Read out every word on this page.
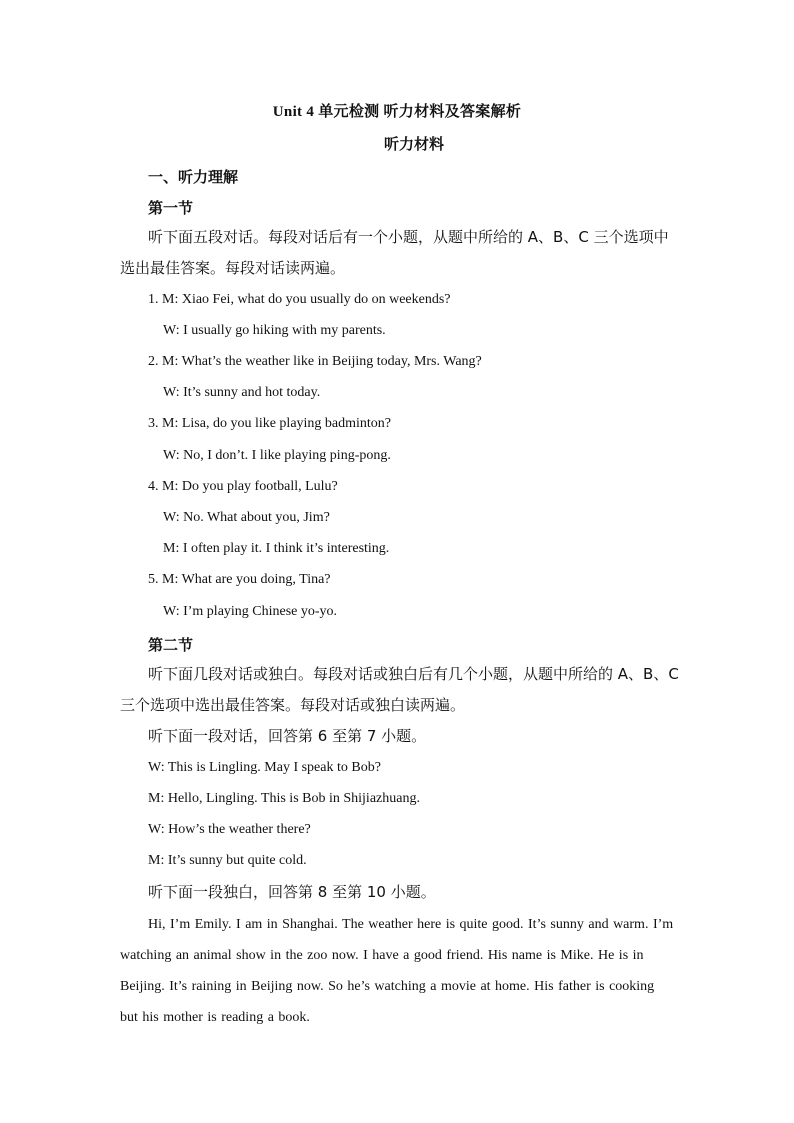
Unit 4 单元检测 听力材料及答案解析
听力材料
一、听力理解
第一节
听下面五段对话。每段对话后有一个小题，从题中所给的 A、B、C 三个选项中选出最佳答案。每段对话读两遍。
1. M: Xiao Fei, what do you usually do on weekends?
W: I usually go hiking with my parents.
2. M: What’s the weather like in Beijing today, Mrs. Wang?
W: It’s sunny and hot today.
3. M: Lisa, do you like playing badminton?
W: No, I don’t. I like playing ping-pong.
4. M: Do you play football, Lulu?
W: No. What about you, Jim?
M: I often play it. I think it’s interesting.
5. M: What are you doing, Tina?
W: I’m playing Chinese yo-yo.
第二节
听下面几段对话或独白。每段对话或独白后有几个小题，从题中所给的 A、B、C 三个选项中选出最佳答案。每段对话或独白读两遍。
听下面一段对话，回答第 6 至第 7 小题。
W: This is Lingling. May I speak to Bob?
M: Hello, Lingling. This is Bob in Shijiazhuang.
W: How’s the weather there?
M: It’s sunny but quite cold.
听下面一段独白，回答第 8 至第 10 小题。
Hi, I’m Emily. I am in Shanghai. The weather here is quite good. It’s sunny and warm. I’m watching an animal show in the zoo now. I have a good friend. His name is Mike. He is in Beijing. It’s raining in Beijing now. So he’s watching a movie at home. His father is cooking but his mother is reading a book.
